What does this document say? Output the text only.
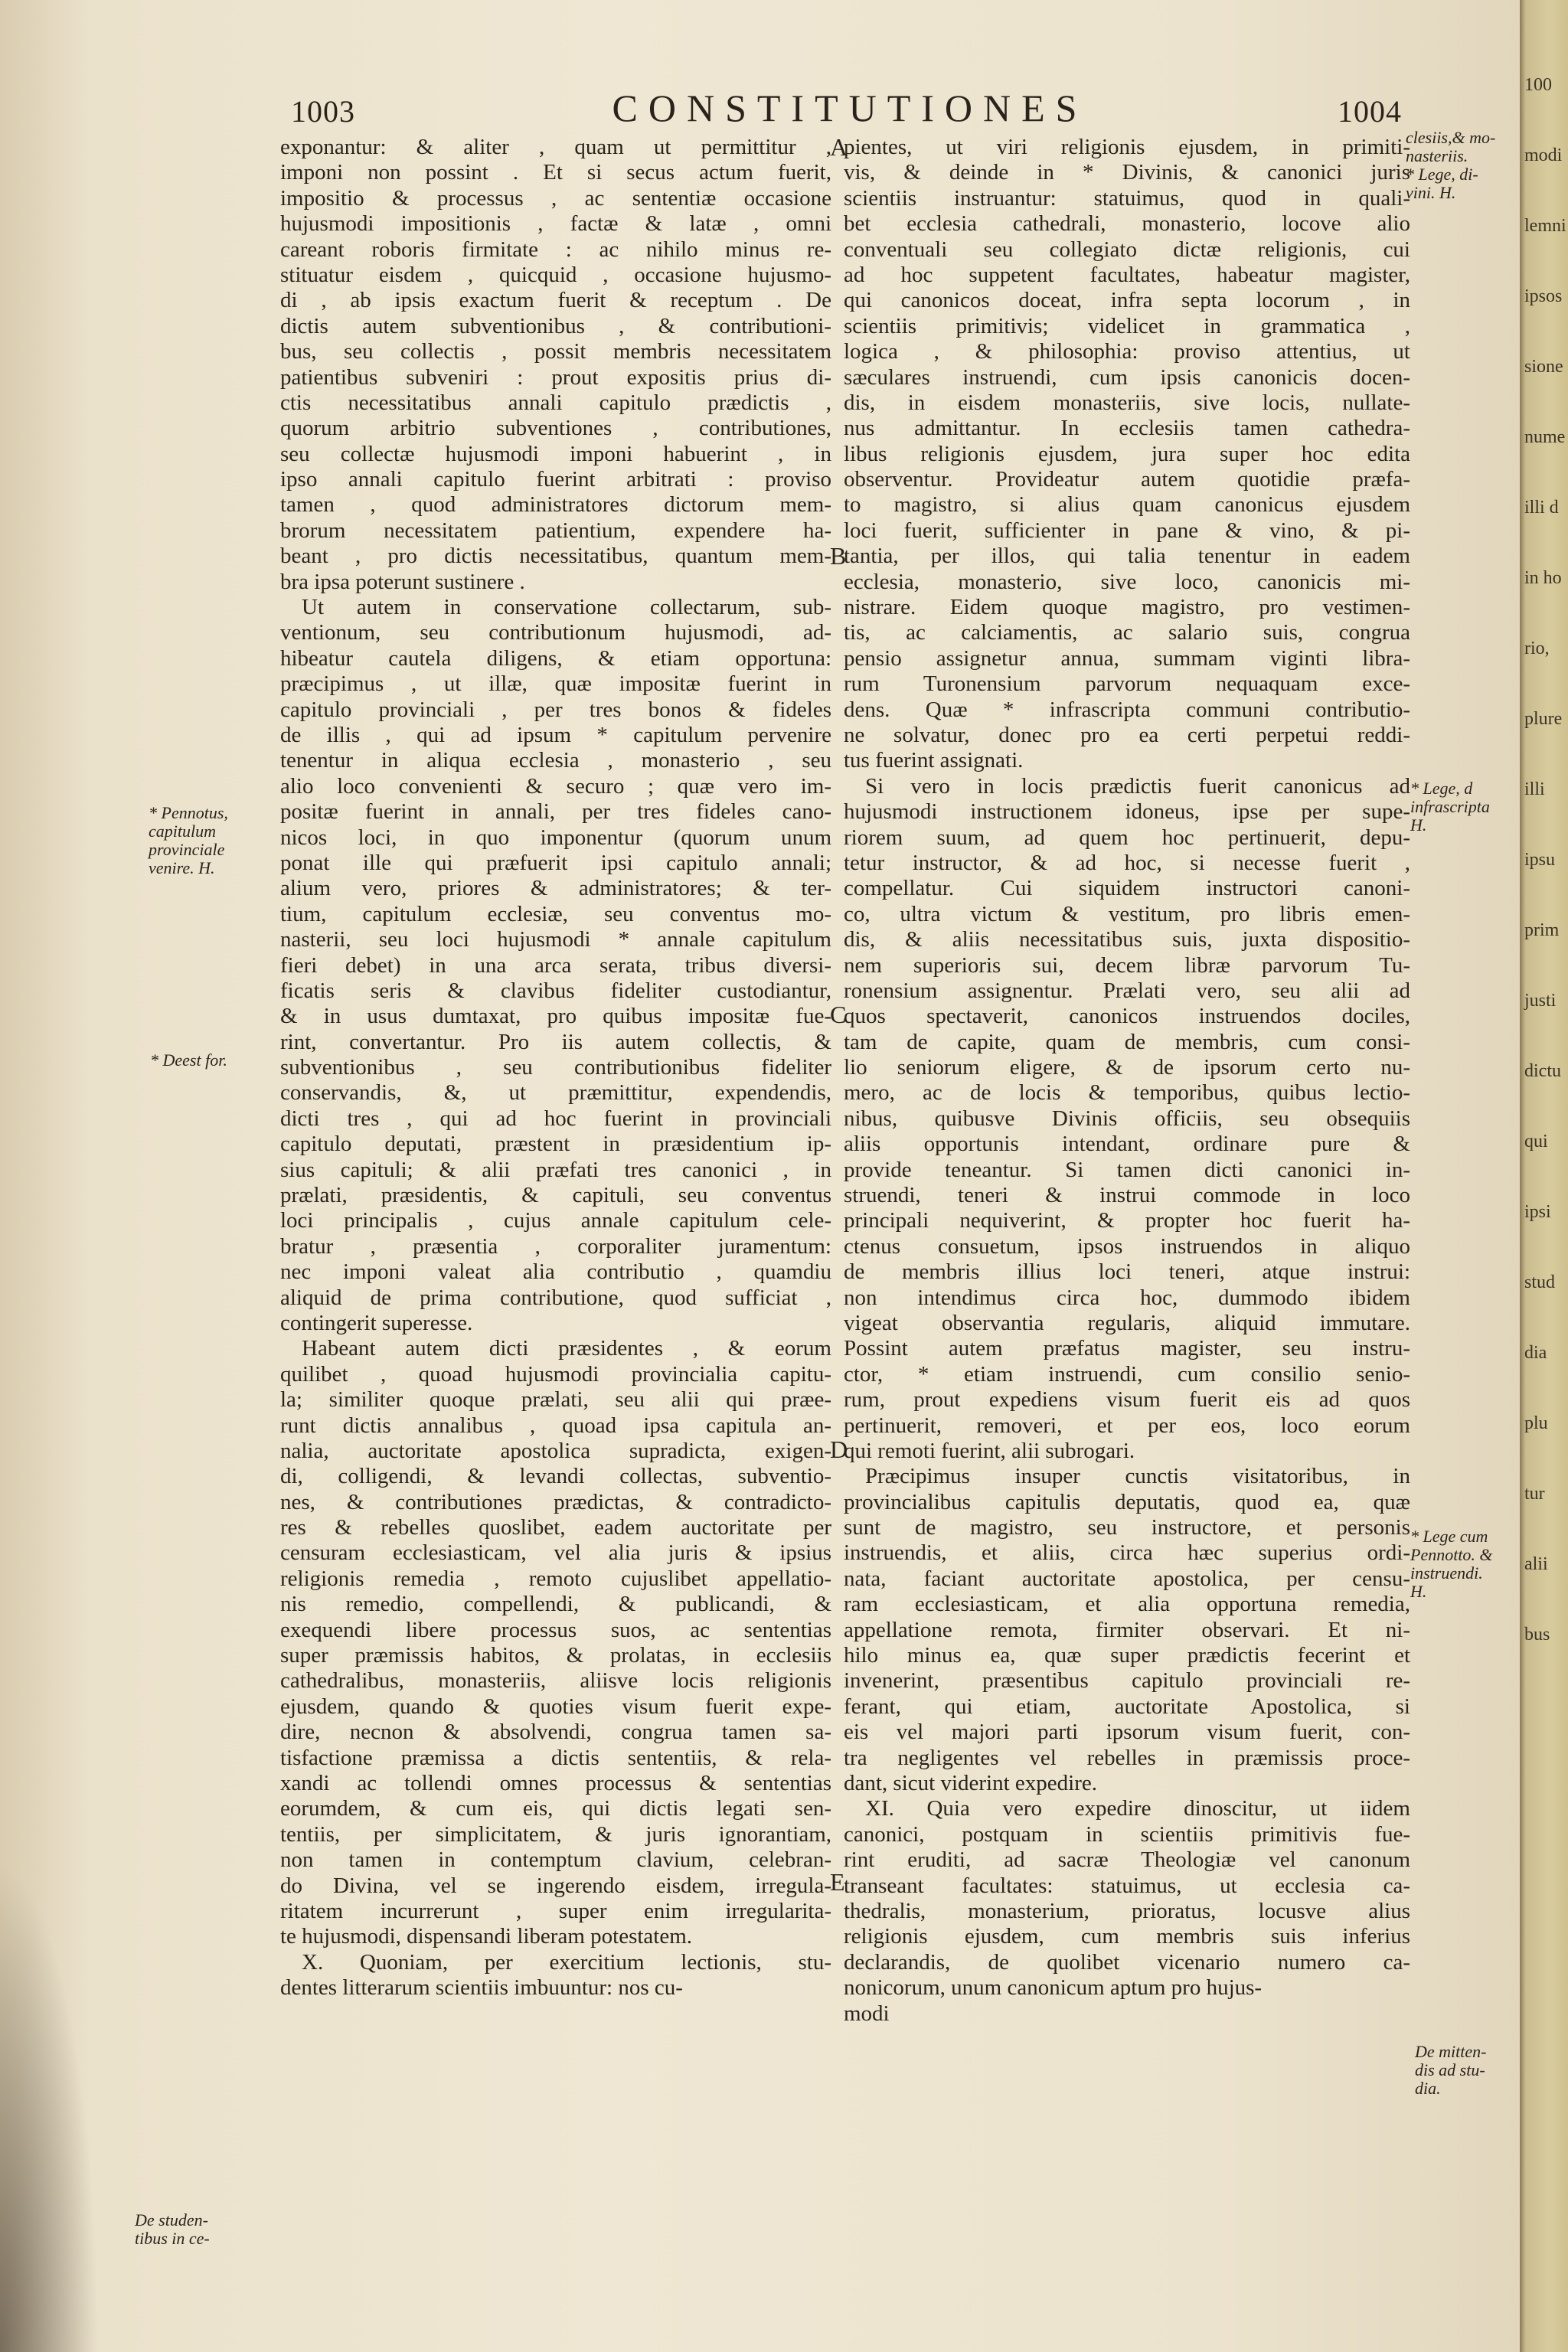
1003	CONSTITUTIONES	1004
exponantur: & aliter , quam ut permittitur ,
imponi non possint . Et si secus actum fuerit,
impositio & processus , ac sententiæ occasione
hujusmodi impositionis , factæ & latæ , omni
careant roboris firmitate : ac nihilo minus re-
stituatur eisdem , quicquid , occasione hujusmo-
di , ab ipsis exactum fuerit & receptum . De
dictis autem subventionibus , & contributioni-
bus, seu collectis , possit membris necessitatem
patientibus subveniri : prout expositis prius di-
ctis necessitatibus annali capitulo prædictis ,
quorum arbitrio subventiones , contributiones,
seu collectæ hujusmodi imponi habuerint , in
ipso annali capitulo fuerint arbitrati : proviso
tamen , quod administratores dictorum mem-
brorum necessitatem patientium, expendere ha-
beant , pro dictis necessitatibus, quantum mem-
bra ipsa poterunt sustinere .
Ut autem in conservatione collectarum, sub-
ventionum, seu contributionum hujusmodi, ad-
hibeatur cautela diligens, & etiam opportuna:
præcipimus , ut illæ, quæ impositæ fuerint in
capitulo provinciali , per tres bonos & fideles
de illis , qui ad ipsum * capitulum pervenire
tenentur in aliqua ecclesia , monasterio , seu
alio loco convenienti & securo ; quæ vero im-
positæ fuerint in annali, per tres fideles cano-
nicos loci, in quo imponentur (quorum unum
ponat ille qui præfuerit ipsi capitulo annali;
alium vero, priores & administratores; & ter-
tium, capitulum ecclesiæ, seu conventus mo-
nasterii, seu loci hujusmodi * annale capitulum
fieri debet) in una arca serata, tribus diversi-
ficatis seris & clavibus fideliter custodiantur,
& in usus dumtaxat, pro quibus impositæ fue-
rint, convertantur. Pro iis autem collectis, &
subventionibus , seu contributionibus fideliter
conservandis, &, ut præmittitur, expendendis,
dicti tres , qui ad hoc fuerint in provinciali
capitulo deputati, præstent in præsidentium ip-
sius capituli; & alii præfati tres canonici , in
prælati, præsidentis, & capituli, seu conventus
loci principalis , cujus annale capitulum cele-
bratur , præsentia , corporaliter juramentum:
nec imponi valeat alia contributio , quamdiu
aliquid de prima contributione, quod sufficiat ,
contingerit superesse.
Habeant autem dicti præsidentes , & eorum
quilibet , quoad hujusmodi provincialia capitu-
la; similiter quoque prælati, seu alii qui præe-
runt dictis annalibus , quoad ipsa capitula an-
nalia, auctoritate apostolica supradicta, exigen-
di, colligendi, & levandi collectas, subventio-
nes, & contributiones prædictas, & contradicto-
res & rebelles quoslibet, eadem auctoritate per
censuram ecclesiasticam, vel alia juris & ipsius
religionis remedia , remoto cujuslibet appellatio-
nis remedio, compellendi, & publicandi, &
exequendi libere processus suos, ac sententias
super præmissis habitos, & prolatas, in ecclesiis
cathedralibus, monasteriis, aliisve locis religionis
ejusdem, quando & quoties visum fuerit expe-
dire, necnon & absolvendi, congrua tamen sa-
tisfactione præmissa a dictis sententiis, & rela-
xandi ac tollendi omnes processus & sententias
eorumdem, & cum eis, qui dictis legati sen-
tentiis, per simplicitatem, & juris ignorantiam,
non tamen in contemptum clavium, celebran-
do Divina, vel se ingerendo eisdem, irregula-
ritatem incurrerunt , super enim irregularita-
te hujusmodi, dispensandi liberam potestatem.
X. Quoniam, per exercitium lectionis, stu-
dentes litterarum scientiis imbuuntur: nos cu-
pientes, ut viri religionis ejusdem, in primiti-
vis, & deinde in * Divinis, & canonici juris
scientiis instruantur: statuimus, quod in quali-
bet ecclesia cathedrali, monasterio, locove alio
conventuali seu collegiato dictæ religionis, cui
ad hoc suppetent facultates, habeatur magister,
qui canonicos doceat, infra septa locorum , in
scientiis primitivis; videlicet in grammatica ,
logica , & philosophia: proviso attentius, ut
sæculares instruendi, cum ipsis canonicis docen-
dis, in eisdem monasteriis, sive locis, nullate-
nus admittantur. In ecclesiis tamen cathedra-
libus religionis ejusdem, jura super hoc edita
observentur. Provideatur autem quotidie præfa-
to magistro, si alius quam canonicus ejusdem
loci fuerit, sufficienter in pane & vino, & pi-
tantia, per illos, qui talia tenentur in eadem
ecclesia, monasterio, sive loco, canonicis mi-
nistrare. Eidem quoque magistro, pro vestimen-
tis, ac calciamentis, ac salario suis, congrua
pensio assignetur annua, summam viginti libra-
rum Turonensium parvorum nequaquam exce-
dens. Quæ * infrascripta communi contributio-
ne solvatur, donec pro ea certi perpetui reddi-
tus fuerint assignati.
Si vero in locis prædictis fuerit canonicus ad
hujusmodi instructionem idoneus, ipse per supe-
riorem suum, ad quem hoc pertinuerit, depu-
tetur instructor, & ad hoc, si necesse fuerit ,
compellatur. Cui siquidem instructori canoni-
co, ultra victum & vestitum, pro libris emen-
dis, & aliis necessitatibus suis, juxta dispositio-
nem superioris sui, decem libræ parvorum Tu-
ronensium assignentur. Prælati vero, seu alii ad
quos spectaverit, canonicos instruendos dociles,
tam de capite, quam de membris, cum consi-
lio seniorum eligere, & de ipsorum certo nu-
mero, ac de locis & temporibus, quibus lectio-
nibus, quibusve Divinis officiis, seu obsequiis
aliis opportunis intendant, ordinare pure &
provide teneantur. Si tamen dicti canonici in-
struendi, teneri & instrui commode in loco
principali nequiverint, & propter hoc fuerit ha-
ctenus consuetum, ipsos instruendos in aliquo
de membris illius loci teneri, atque instrui:
non intendimus circa hoc, dummodo ibidem
vigeat observantia regularis, aliquid immutare.
Possint autem præfatus magister, seu instru-
ctor, * etiam instruendi, cum consilio senio-
rum, prout expediens visum fuerit eis ad quos
pertinuerit, removeri, et per eos, loco eorum
qui remoti fuerint, alii subrogari.
Præcipimus insuper cunctis visitatoribus, in
provincialibus capitulis deputatis, quod ea, quæ
sunt de magistro, seu instructore, et personis
instruendis, et aliis, circa hæc superius ordi-
nata, faciant auctoritate apostolica, per censu-
ram ecclesiasticam, et alia opportuna remedia,
appellatione remota, firmiter observari. Et ni-
hilo minus ea, quæ super prædictis fecerint et
invenerint, præsentibus capitulo provinciali re-
ferant, qui etiam, auctoritate Apostolica, si
eis vel majori parti ipsorum visum fuerit, con-
tra negligentes vel rebelles in præmissis proce-
dant, sicut viderint expedire.
XI. Quia vero expedire dinoscitur, ut iidem
canonici, postquam in scientiis primitivis fue-
rint eruditi, ad sacræ Theologiæ vel canonum
transeant facultates: statuimus, ut ecclesia ca-
thedralis, monasterium, prioratus, locusve alius
religionis ejusdem, cum membris suis inferius
declarandis, de quolibet vicenario numero ca-
nonicorum, unum canonicum aptum pro hujus-
modi
A
B
C
D
E
* Pennotus,
capitulum
provinciale
venire. H.
* Deest for.
De studen-
tibus in ce-
clesiis,& mo-
nasteriis.
* Lege, di-
vini. H.
* Lege, d
infrascripta
H.
* Lege cum
Pennotto. &
instruendi.
H.
De mitten-
dis ad stu-
dia.
100
modi
lemni
ipsos
sione
nume
illi d
in ho
rio,
plure
illi
ipsu
prim
justi
dictu
qui
ipsi
stud
dia
plu
tur
alii
bus
